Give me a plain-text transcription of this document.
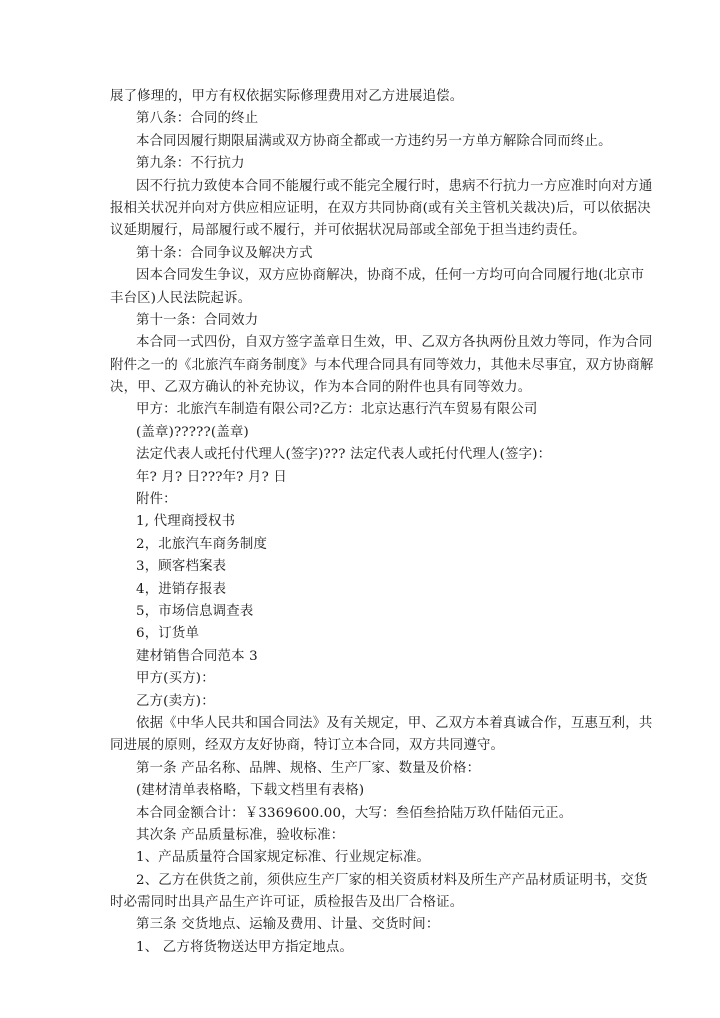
展了修理的，甲方有权依据实际修理费用对乙方进展追偿。
第八条：合同的终止
本合同因履行期限届满或双方协商全都或一方违约另一方单方解除合同而终止。
第九条：不行抗力
因不行抗力致使本合同不能履行或不能完全履行时，患病不行抗力一方应准时向对方通
报相关状况并向对方供应相应证明，在双方共同协商(或有关主管机关裁决)后，可以依据决
议延期履行，局部履行或不履行，并可依据状况局部或全部免于担当违约责任。
第十条：合同争议及解决方式
因本合同发生争议，双方应协商解决，协商不成，任何一方均可向合同履行地(北京市
丰台区)人民法院起诉。
第十一条：合同效力
本合同一式四份，自双方签字盖章日生效，甲、乙双方各执两份且效力等同，作为合同
附件之一的《北旅汽车商务制度》与本代理合同具有同等效力，其他未尽事宜，双方协商解
决，甲、乙双方确认的补充协议，作为本合同的附件也具有同等效力。
甲方：北旅汽车制造有限公司?乙方：北京达惠行汽车贸易有限公司
(盖章)?????(盖章)
法定代表人或托付代理人(签字)??? 法定代表人或托付代理人(签字)：
年? 月? 日???年? 月? 日
附件：
1, 代理商授权书
2，北旅汽车商务制度
3，顾客档案表
4，进销存报表
5，市场信息调查表
6，订货单
建材销售合同范本 3
甲方(买方)：
乙方(卖方)：
依据《中华人民共和国合同法》及有关规定，甲、乙双方本着真诚合作，互惠互利，共
同进展的原则，经双方友好协商，特订立本合同，双方共同遵守。
第一条 产品名称、品牌、规格、生产厂家、数量及价格：
(建材清单表格略，下载文档里有表格)
本合同金额合计：￥3369600.00，大写：叁佰叁拾陆万玖仟陆佰元正。
其次条 产品质量标准，验收标准：
1、产品质量符合国家规定标准、行业规定标准。
2、乙方在供货之前，须供应生产厂家的相关资质材料及所生产产品材质证明书，交货
时必需同时出具产品生产许可证，质检报告及出厂合格证。
第三条 交货地点、运输及费用、计量、交货时间：
1、 乙方将货物送达甲方指定地点。
